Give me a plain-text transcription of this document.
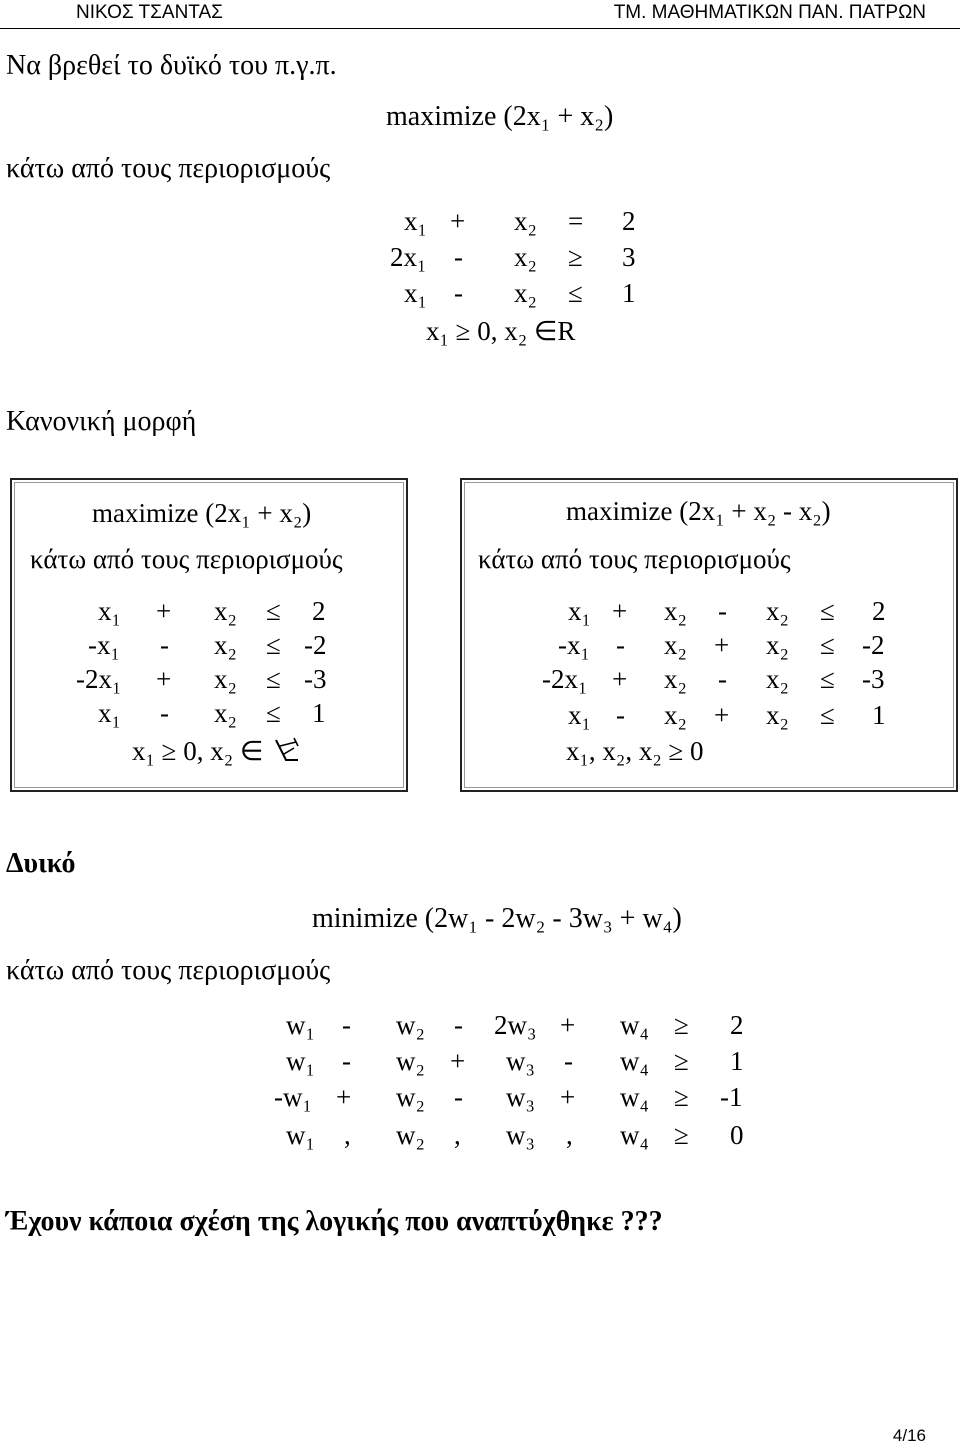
ΝΙΚΟΣ ΤΣΑΝΤΑΣ	ΤΜ. ΜΑΘΗΜΑΤΙΚΩΝ ΠΑΝ. ΠΑΤΡΩΝ
Να βρεθεί το δυϊκό του π.γ.π.
maximize (2x₁ + x₂)
κάτω από τους περιορισμούς
x₁ + x₂ = 2
2x₁ - x₂ ≥ 3
x₁ - x₂ ≤ 1
x₁ ≥ 0, x₂ ∈R
Κανονική μορφή
maximize (2x₁ + x₂)
κάτω από τους περιορισμούς
x₁ + x₂ ≤ 2
-x₁ - x₂ ≤ -2
-2x₁ + x₂ ≤ -3
x₁ - x₂ ≤ 1
x₁ ≥ 0, x₂ ∈
maximize (2x₁ + x₂ - x₂)
κάτω από τους περιορισμούς
x₁ + x₂ - x₂ ≤ 2
-x₁ - x₂ + x₂ ≤ -2
-2x₁ + x₂ - x₂ ≤ -3
x₁ - x₂ + x₂ ≤ 1
x₁, x₂, x₂ ≥ 0
Δυικό
minimize (2w₁ - 2w₂ - 3w₃ + w₄)
κάτω από τους περιορισμούς
w₁ - w₂ - 2w₃ + w₄ ≥ 2
w₁ - w₂ + w₃ - w₄ ≥ 1
-w₁ + w₂ - w₃ + w₄ ≥ -1
w₁ , w₂ , w₃ , w₄ ≥ 0
Έχουν κάποια σχέση της λογικής που αναπτύχθηκε ???
4/16
